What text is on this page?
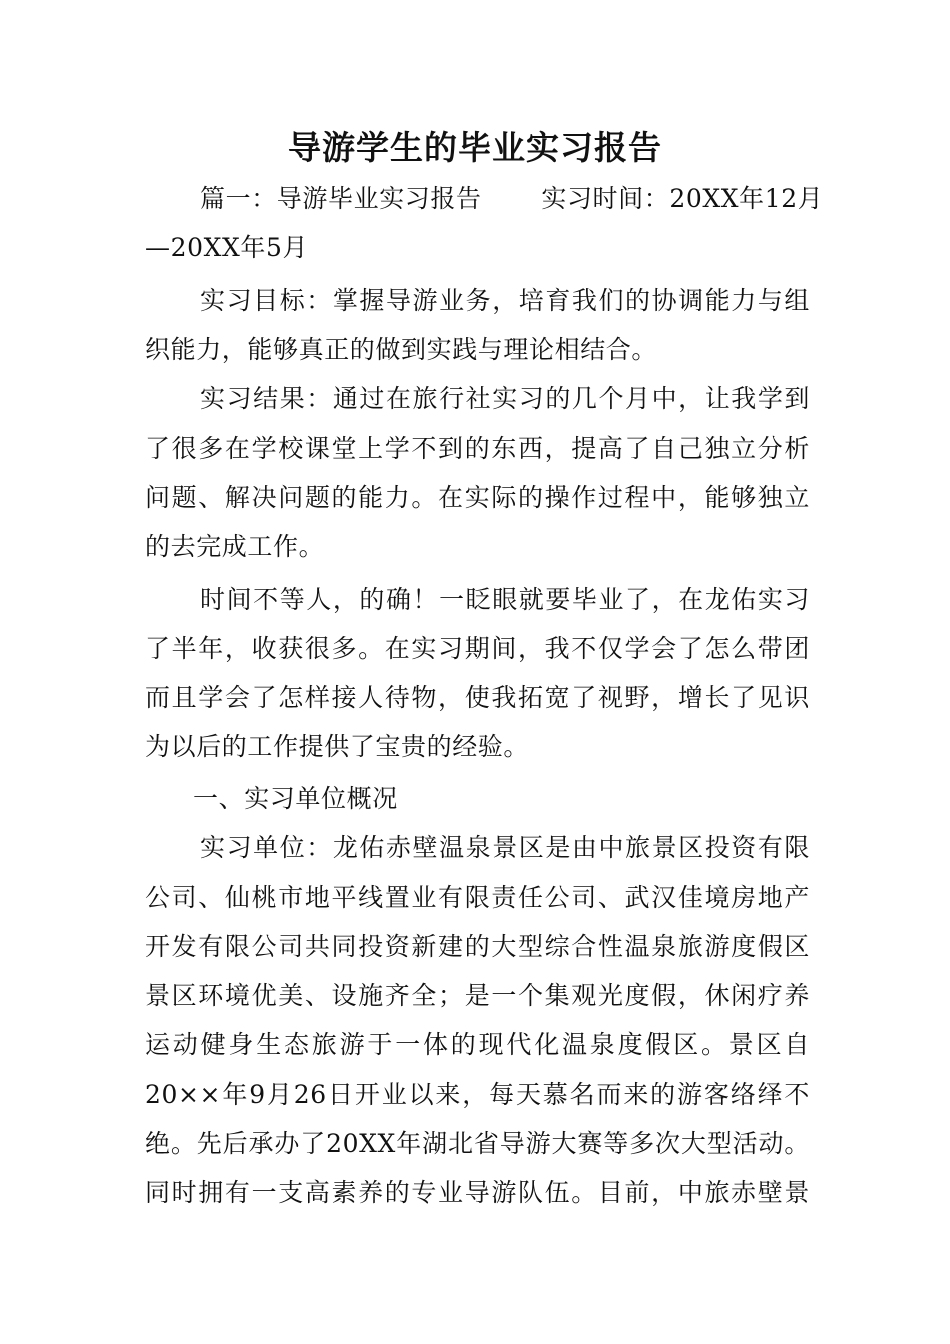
导游学生的毕业实习报告
篇一：导游毕业实习报告　　 实习时间：20XX年12月
—20XX年5月
实习目标：掌握导游业务，培育我们的协调能力与组
织能力，能够真正的做到实践与理论相结合。
实习结果：通过在旅行社实习的几个月中，让我学到
了很多在学校课堂上学不到的东西，提高了自己独立分析
问题、解决问题的能力。在实际的操作过程中，能够独立
的去完成工作。
时间不等人，的确！一眨眼就要毕业了，在龙佑实习
了半年，收获很多。在实习期间，我不仅学会了怎么带团
而且学会了怎样接人待物，使我拓宽了视野，增长了见识
为以后的工作提供了宝贵的经验。
一、实习单位概况
实习单位：龙佑赤壁温泉景区是由中旅景区投资有限
公司、仙桃市地平线置业有限责任公司、武汉佳境房地产
开发有限公司共同投资新建的大型综合性温泉旅游度假区
景区环境优美、设施齐全；是一个集观光度假，休闲疗养
运动健身生态旅游于一体的现代化温泉度假区。景区自
20××年9月26日开业以来，每天慕名而来的游客络绎不
绝。先后承办了20XX年湖北省导游大赛等多次大型活动。
同时拥有一支高素养的专业导游队伍。目前，中旅赤壁景
